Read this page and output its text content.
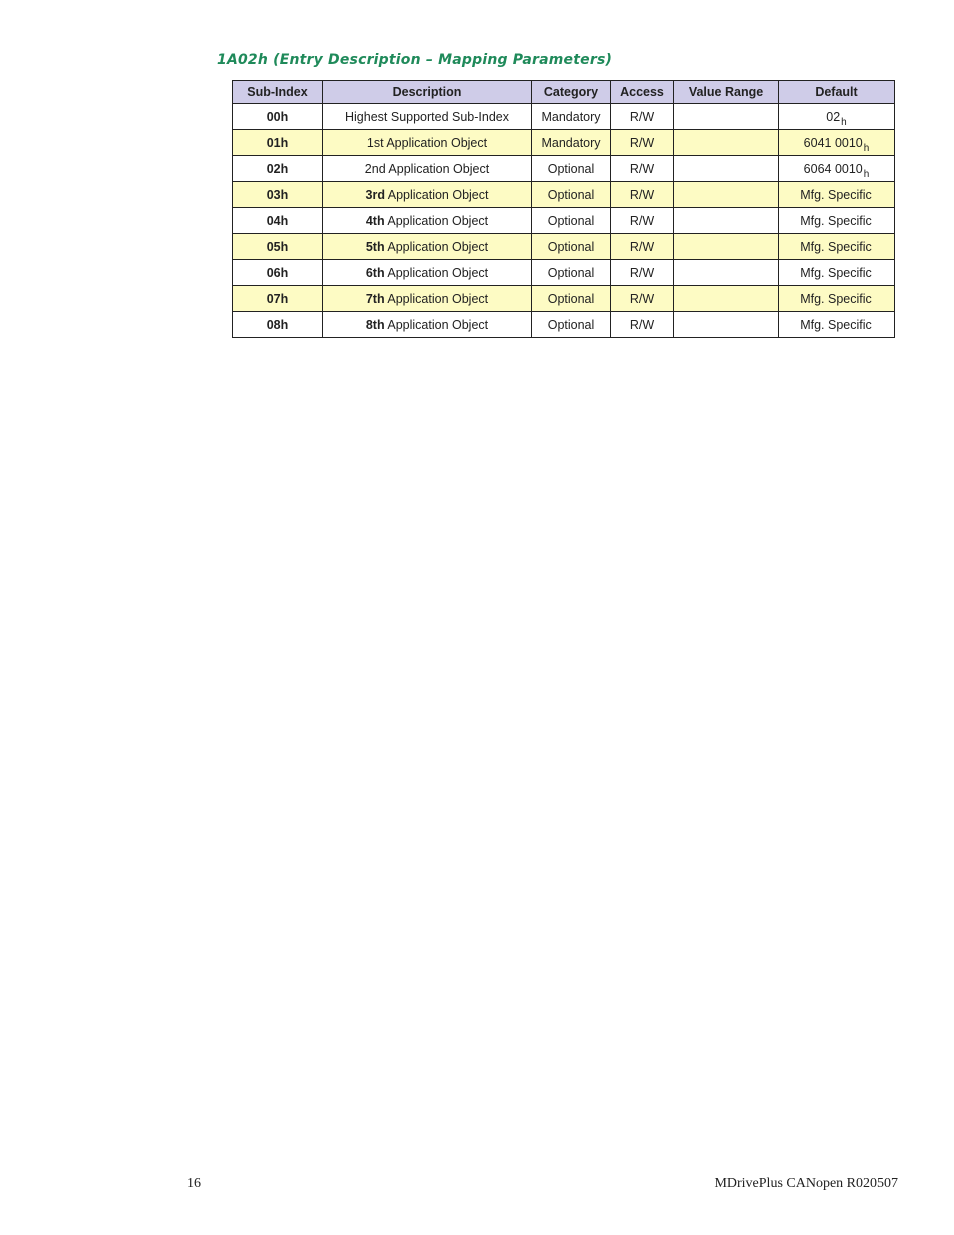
1A02h (Entry Description – Mapping Parameters)
Sub-Index	Description	Category	Access	Value Range	Default
00h	Highest Supported Sub-Index	Mandatory	R/W		$02_h$
01h	1st Application Object	Mandatory	R/W		6041 $0010_h$
02h	2nd Application Object	Optional	R/W		6064 $0010_h$
03h	3rd Application Object	Optional	R/W		Mfg. Specific
04h	4th Application Object	Optional	R/W		Mfg. Specific
05h	5th Application Object	Optional	R/W		Mfg. Specific
06h	6th Application Object	Optional	R/W		Mfg. Specific
07h	7th Application Object	Optional	R/W		Mfg. Specific
08h	8th Application Object	Optional	R/W		Mfg. Specific
16	MDrivePlus CANopen R020507
